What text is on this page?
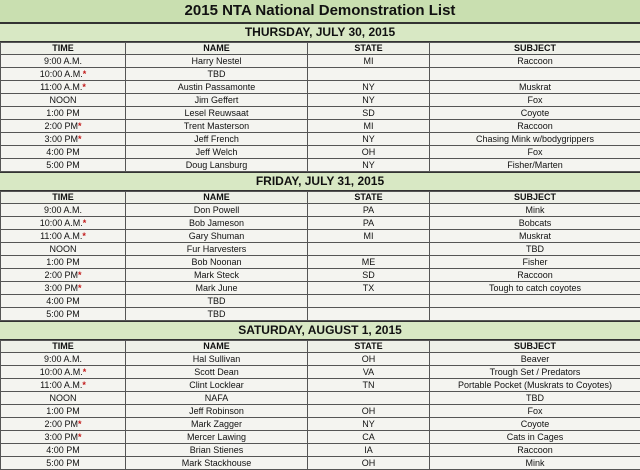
2015 NTA National Demonstration List
THURSDAY, JULY 30, 2015
TIME	NAME	STATE	SUBJECT
9:00 A.M.	Harry Nestel	MI	Raccoon
10:00 A.M.*	TBD		
11:00 A.M.*	Austin Passamonte	NY	Muskrat
NOON	Jim Geffert	NY	Fox
1:00 PM	Lesel Reuwsaat	SD	Coyote
2:00 PM*	Trent Masterson	MI	Raccoon
3:00 PM*	Jeff French	NY	Chasing Mink w/bodygrippers
4:00 PM	Jeff Welch	OH	Fox
5:00 PM	Doug Lansburg	NY	Fisher/Marten
FRIDAY, JULY 31, 2015
TIME	NAME	STATE	SUBJECT
9:00 A.M.	Don Powell	PA	Mink
10:00 A.M.*	Bob Jameson	PA	Bobcats
11:00 A.M.*	Gary Shuman	MI	Muskrat
NOON	Fur Harvesters		TBD
1:00 PM	Bob Noonan	ME	Fisher
2:00 PM*	Mark Steck	SD	Raccoon
3:00 PM*	Mark June	TX	Tough to catch coyotes
4:00 PM	TBD		
5:00 PM	TBD		
SATURDAY, AUGUST 1, 2015
TIME	NAME	STATE	SUBJECT
9:00 A.M.	Hal Sullivan	OH	Beaver
10:00 A.M.*	Scott Dean	VA	Trough Set / Predators
11:00 A.M.*	Clint Locklear	TN	Portable Pocket (Muskrats to Coyotes)
NOON	NAFA		TBD
1:00 PM	Jeff Robinson	OH	Fox
2:00 PM*	Mark Zagger	NY	Coyote
3:00 PM*	Mercer Lawing	CA	Cats in Cages
4:00 PM	Brian Stienes	IA	Raccoon
5:00 PM	Mark Stackhouse	OH	Mink
